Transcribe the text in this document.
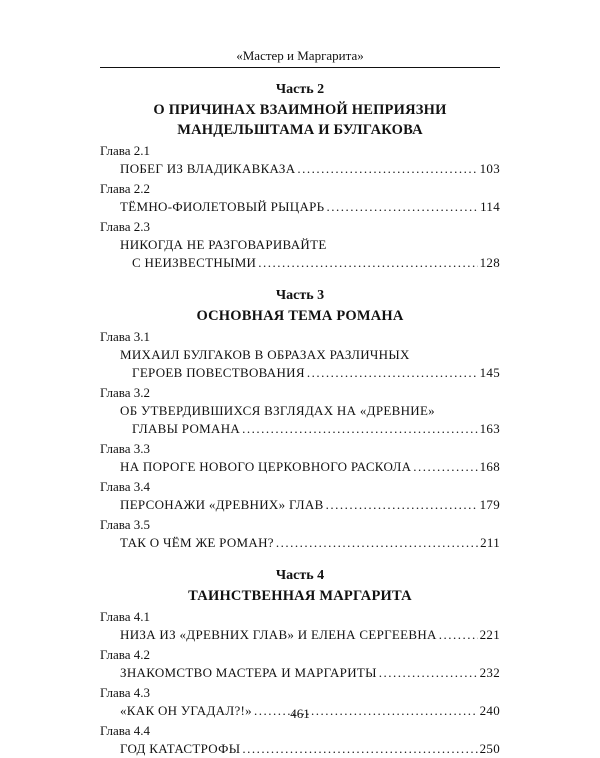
«Мастер и Маргарита»
Часть 2
О ПРИЧИНАХ ВЗАИМНОЙ НЕПРИЯЗНИ
МАНДЕЛЬШТАМА И БУЛГАКОВА
Глава 2.1
ПОБЕГ ИЗ ВЛАДИКАВКАЗА .....	103
Глава 2.2
ТЁМНО-ФИОЛЕТОВЫЙ РЫЦАРЬ .....	114
Глава 2.3
НИКОГДА НЕ РАЗГОВАРИВАЙТЕ
С НЕИЗВЕСТНЫМИ .....	128
Часть 3
ОСНОВНАЯ ТЕМА РОМАНА
Глава 3.1
МИХАИЛ БУЛГАКОВ В ОБРАЗАХ РАЗЛИЧНЫХ
ГЕРОЕВ ПОВЕСТВОВАНИЯ .....	145
Глава 3.2
ОБ УТВЕРДИВШИХСЯ ВЗГЛЯДАХ НА «ДРЕВНИЕ»
ГЛАВЫ РОМАНА .....	163
Глава 3.3
НА ПОРОГЕ НОВОГО ЦЕРКОВНОГО РАСКОЛА .....	168
Глава 3.4
ПЕРСОНАЖИ «ДРЕВНИХ» ГЛАВ .....	179
Глава 3.5
ТАК О ЧЁМ ЖЕ РОМАН? .....	211
Часть 4
ТАИНСТВЕННАЯ МАРГАРИТА
Глава 4.1
НИЗА ИЗ «ДРЕВНИХ ГЛАВ» И ЕЛЕНА СЕРГЕЕВНА .....	221
Глава 4.2
ЗНАКОМСТВО МАСТЕРА И МАРГАРИТЫ .....	232
Глава 4.3
«КАК ОН УГАДАЛ?!» .....	240
Глава 4.4
ГОД КАТАСТРОФЫ .....	250
461
